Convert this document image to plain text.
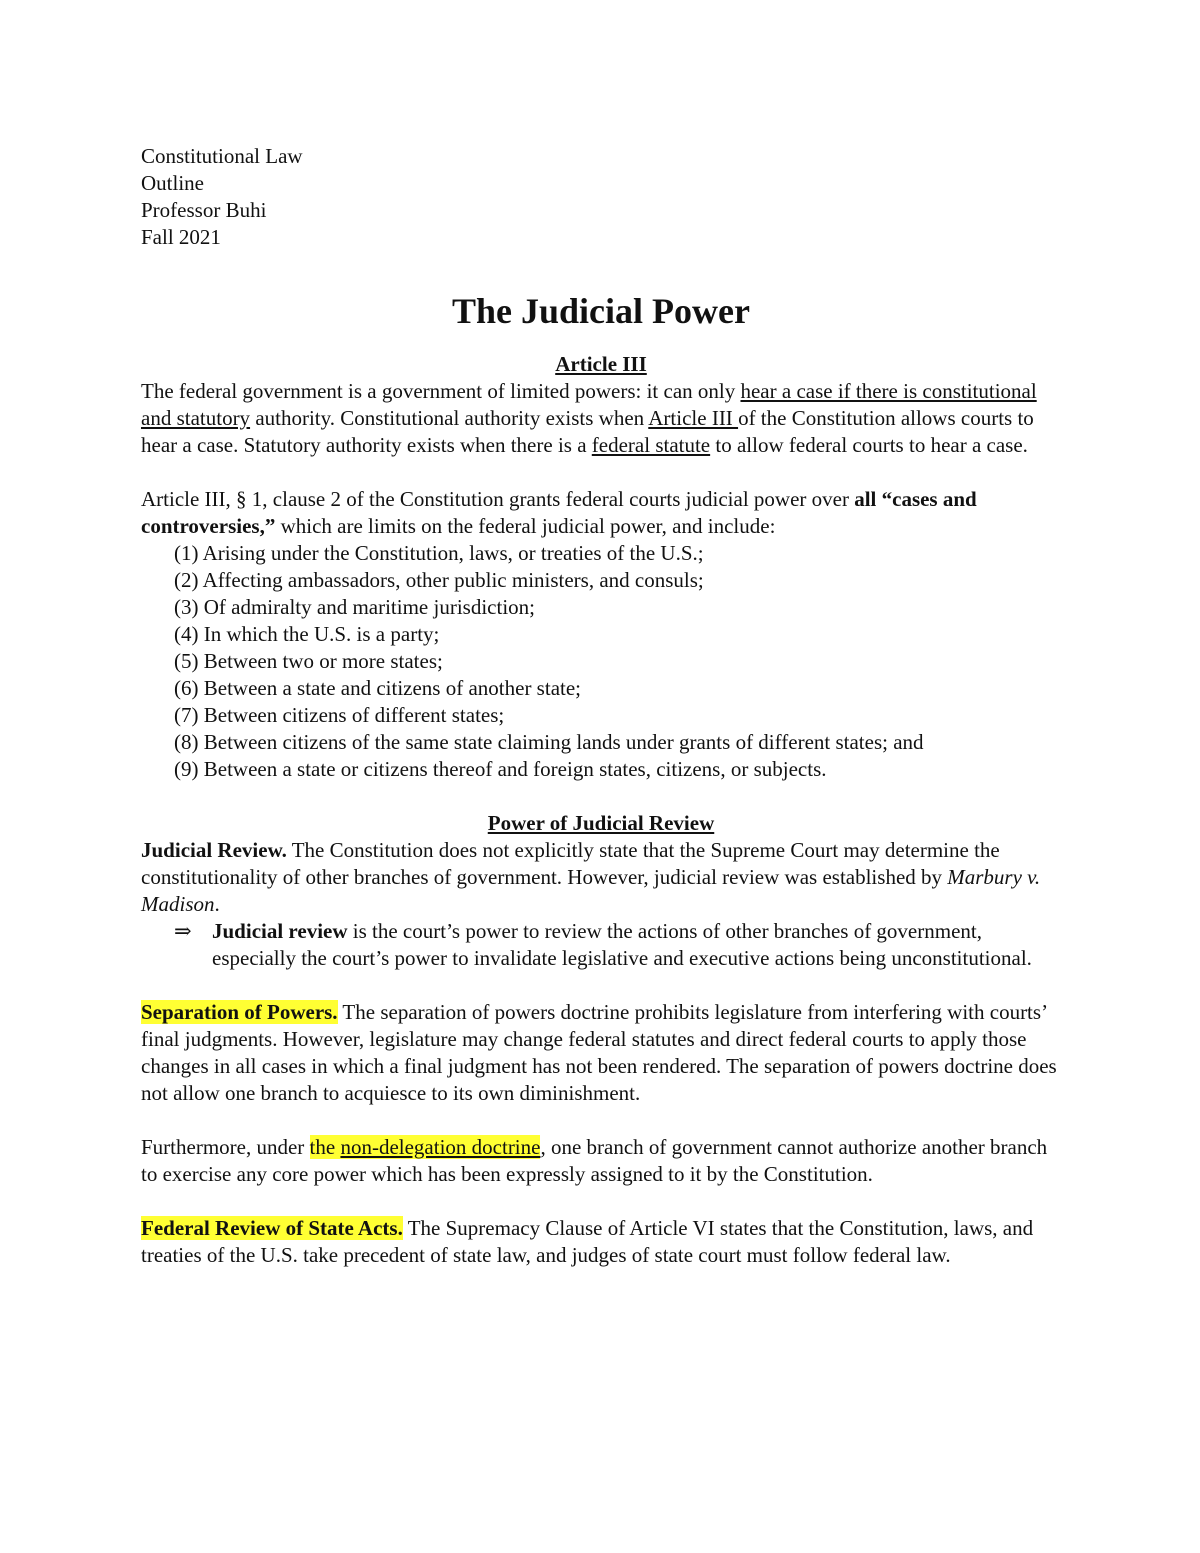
Constitutional Law
Outline
Professor Buhi
Fall 2021
The Judicial Power
Article III

The federal government is a government of limited powers: it can only hear a case if there is constitutional and statutory authority. Constitutional authority exists when Article III of the Constitution allows courts to hear a case. Statutory authority exists when there is a federal statute to allow federal courts to hear a case.

Article III, § 1, clause 2 of the Constitution grants federal courts judicial power over all “cases and controversies,” which are limits on the federal judicial power, and include:

(1) Arising under the Constitution, laws, or treaties of the U.S.;
(2) Affecting ambassadors, other public ministers, and consuls;
(3) Of admiralty and maritime jurisdiction;
(4) In which the U.S. is a party;
(5) Between two or more states;
(6) Between a state and citizens of another state;
(7) Between citizens of different states;
(8) Between citizens of the same state claiming lands under grants of different states; and
(9) Between a state or citizens thereof and foreign states, citizens, or subjects.
Power of Judicial Review

Judicial Review. The Constitution does not explicitly state that the Supreme Court may determine the constitutionality of other branches of government. However, judicial review was established by Marbury v. Madison.

⇒ Judicial review is the court’s power to review the actions of other branches of government, especially the court’s power to invalidate legislative and executive actions being unconstitutional.

Separation of Powers. The separation of powers doctrine prohibits legislature from interfering with courts’ final judgments. However, legislature may change federal statutes and direct federal courts to apply those changes in all cases in which a final judgment has not been rendered. The separation of powers doctrine does not allow one branch to acquiesce to its own diminishment.

Furthermore, under the non-delegation doctrine, one branch of government cannot authorize another branch to exercise any core power which has been expressly assigned to it by the Constitution.

Federal Review of State Acts. The Supremacy Clause of Article VI states that the Constitution, laws, and treaties of the U.S. take precedent of state law, and judges of state court must follow federal law.
